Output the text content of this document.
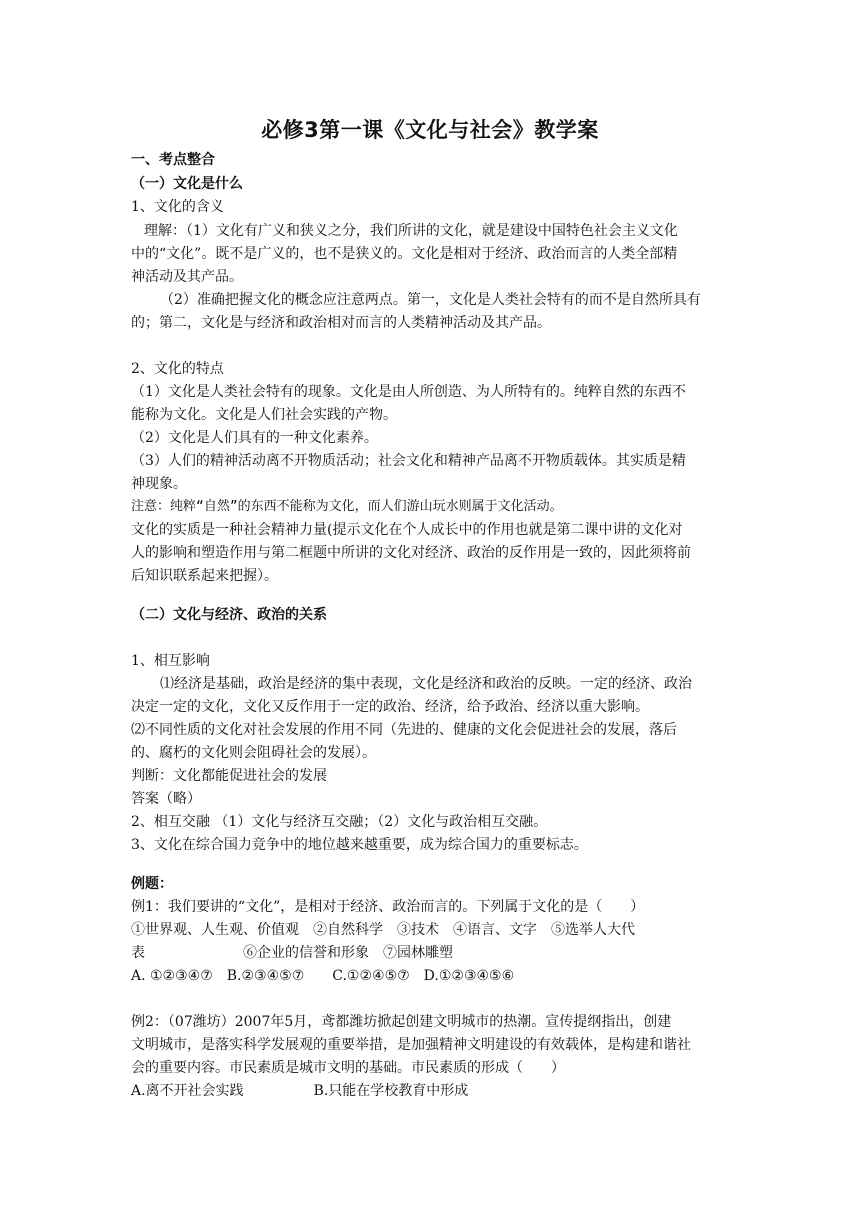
必修3第一课《文化与社会》教学案
一、考点整合
（一）文化是什么
1、文化的含义
理解：（1）文化有广义和狭义之分，我们所讲的文化，就是建设中国特色社会主义文化
中的“文化”。既不是广义的，也不是狭义的。文化是相对于经济、政治而言的人类全部精
神活动及其产品。
（2）准确把握文化的概念应注意两点。第一，文化是人类社会特有的而不是自然所具有
的；第二，文化是与经济和政治相对而言的人类精神活动及其产品。
2、文化的特点
（1）文化是人类社会特有的现象。文化是由人所创造、为人所特有的。纯粹自然的东西不
能称为文化。文化是人们社会实践的产物。
（2）文化是人们具有的一种文化素养。
（3）人们的精神活动离不开物质活动；社会文化和精神产品离不开物质载体。其实质是精
神现象。
注意：纯粹“自然”的东西不能称为文化，而人们游山玩水则属于文化活动。
文化的实质是一种社会精神力量(提示文化在个人成长中的作用也就是第二课中讲的文化对
人的影响和塑造作用与第二框题中所讲的文化对经济、政治的反作用是一致的，因此须将前
后知识联系起来把握）。
（二）文化与经济、政治的关系
1、相互影响
⑴经济是基础，政治是经济的集中表现，文化是经济和政治的反映。一定的经济、政治
决定一定的文化，文化又反作用于一定的政治、经济，给予政治、经济以重大影响。
⑵不同性质的文化对社会发展的作用不同（先进的、健康的文化会促进社会的发展，落后
的、腐朽的文化则会阻碍社会的发展）。
判断：文化都能促进社会的发展
答案（略）
2、相互交融 （1）文化与经济互交融；（2）文化与政治相互交融。
3、文化在综合国力竞争中的地位越来越重要，成为综合国力的重要标志。
例题：
例1：我们要讲的“文化”，是相对于经济、政治而言的。下列属于文化的是（　　）
①世界观、人生观、价值观　②自然科学　③技术　④语言、文字　⑤选举人大代
表　　　　　　　⑥企业的信誉和形象　⑦园林雕塑
A. ①②③④⑦　B.②③④⑤⑦　　C.①②④⑤⑦　D.①②③④⑤⑥
例2：（07潍坊）2007年5月，鸢都潍坊掀起创建文明城市的热潮。宣传提纲指出，创建
文明城市，是落实科学发展观的重要举措，是加强精神文明建设的有效载体，是构建和谐社
会的重要内容。市民素质是城市文明的基础。市民素质的形成（　　）
A.离不开社会实践　　　　　B.只能在学校教育中形成
